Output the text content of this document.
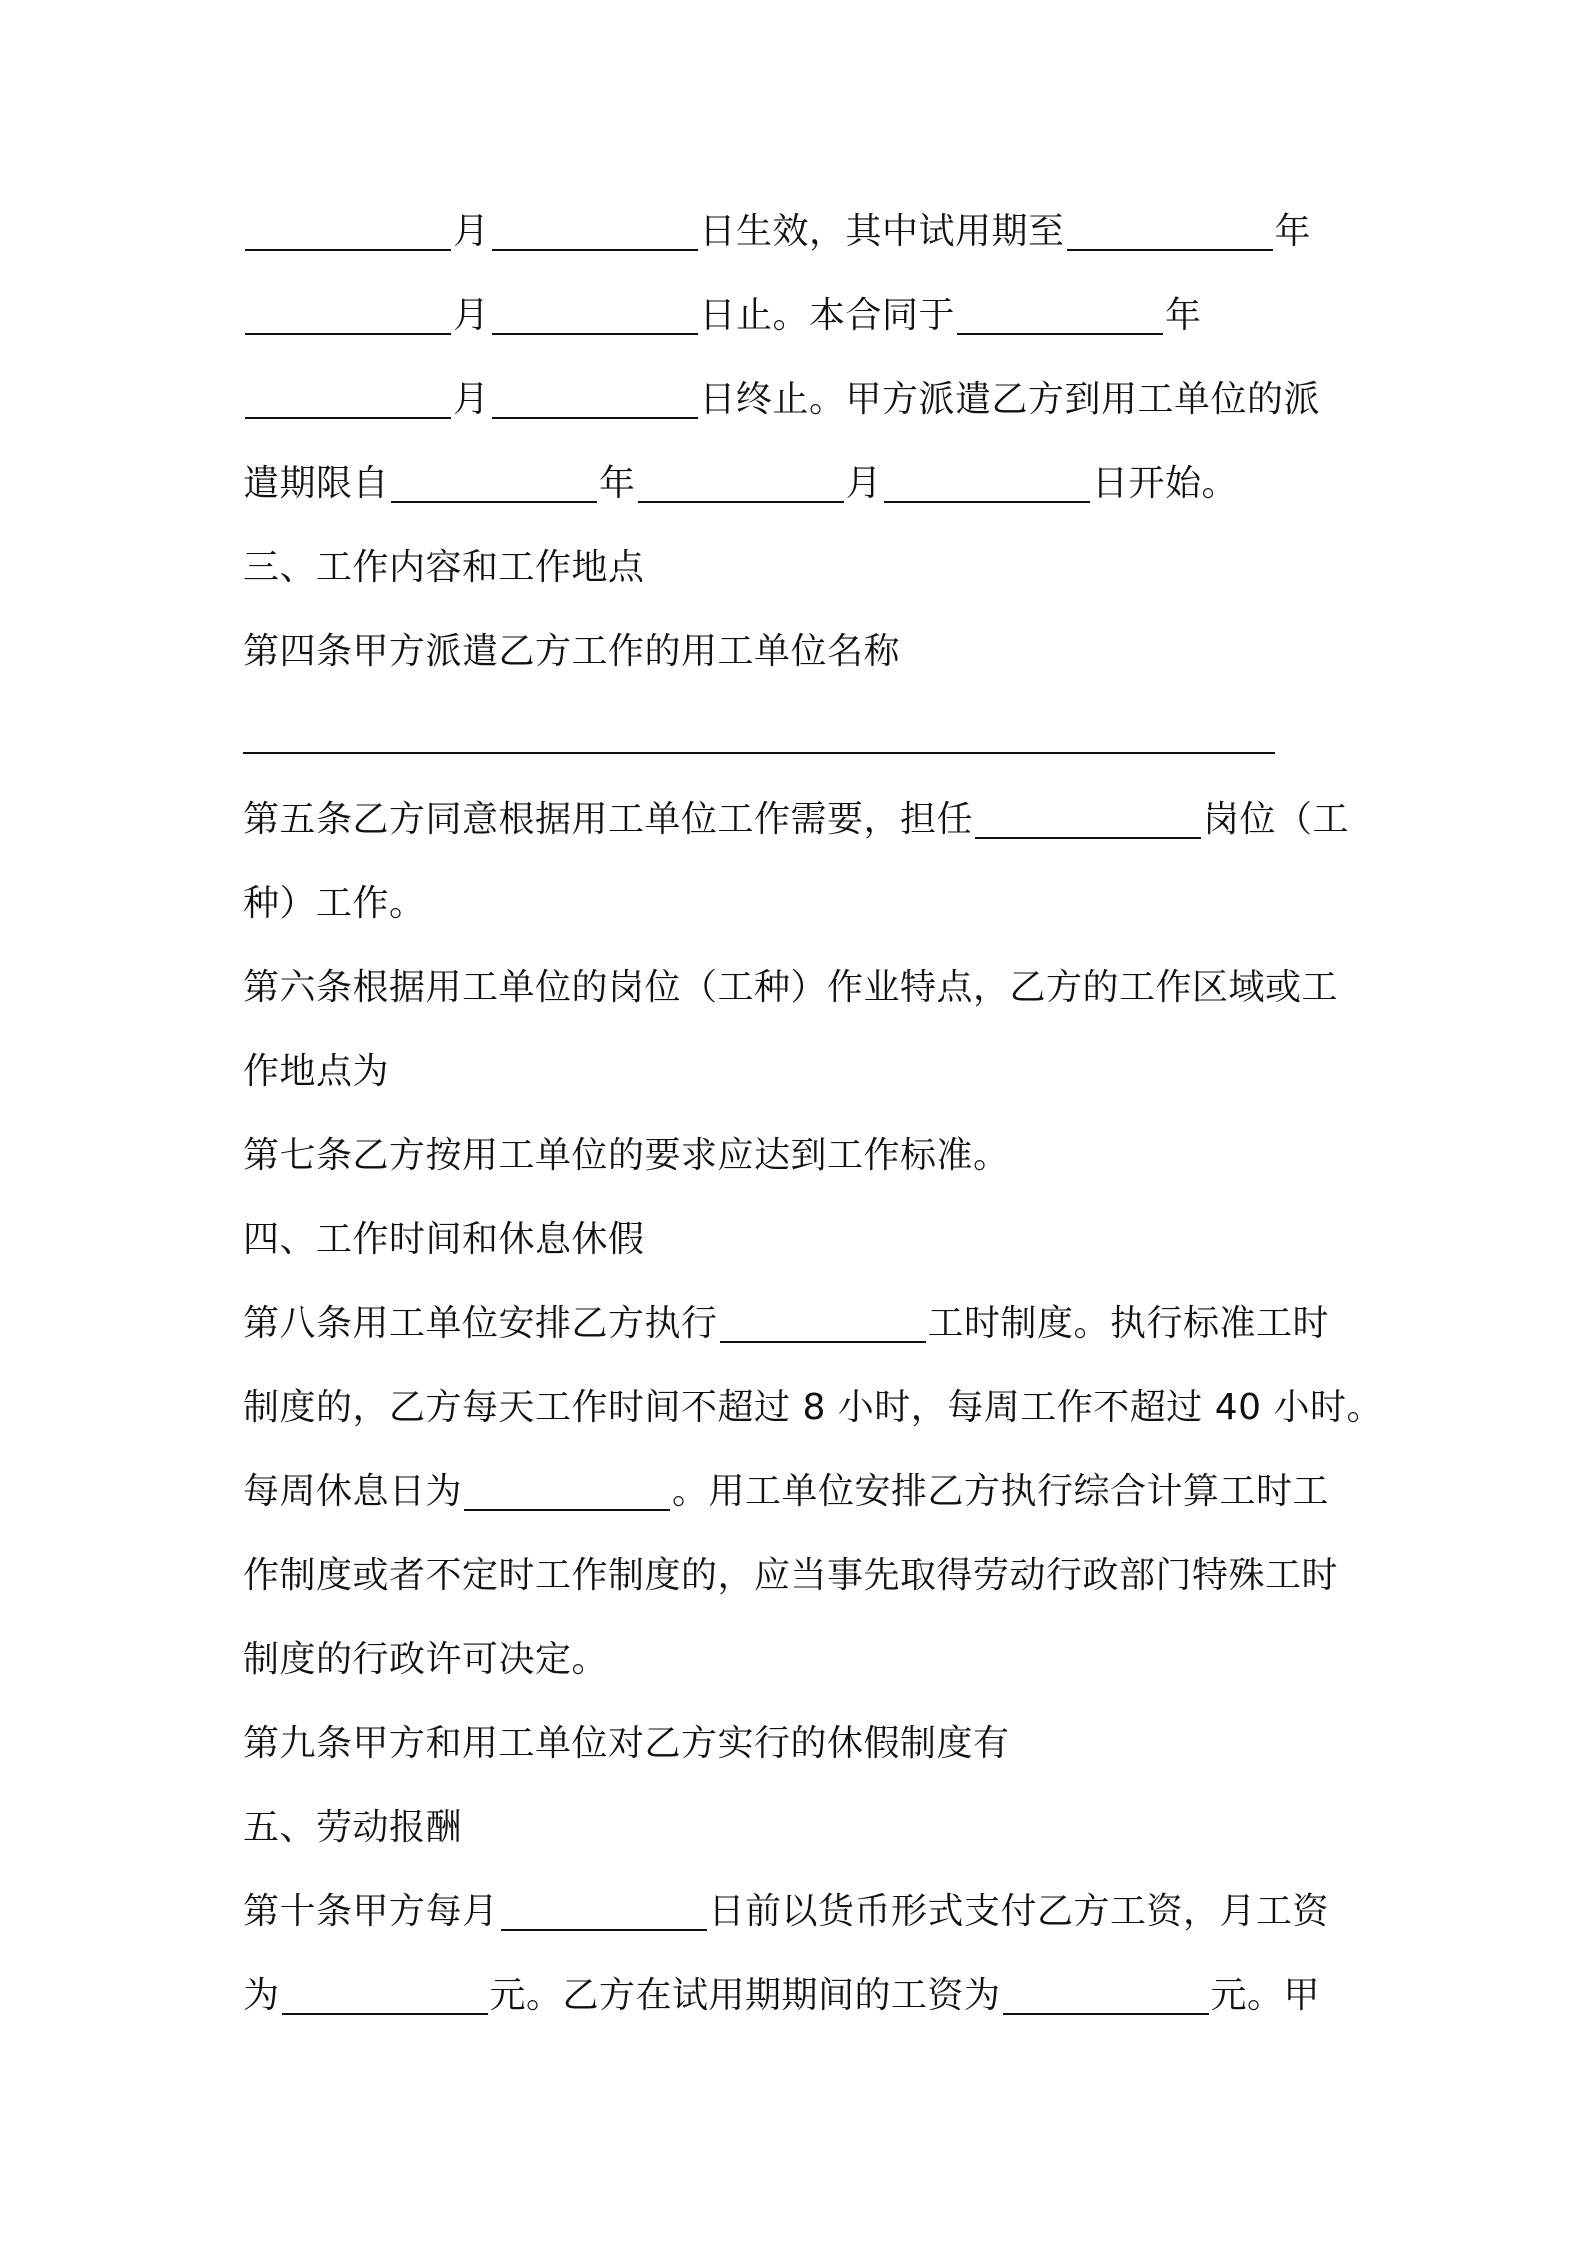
月	日生效，其中试用期至	年
月	日止。本合同于	年
月	日终止。甲方派遣乙方到用工单位的派
遣期限自	年	月	日开始。
三、工作内容和工作地点
第四条甲方派遣乙方工作的用工单位名称
第五条乙方同意根据用工单位工作需要，担任	岗位（工
种）工作。
第六条根据用工单位的岗位（工种）作业特点，乙方的工作区域或工
作地点为
第七条乙方按用工单位的要求应达到工作标准。
四、工作时间和休息休假
第八条用工单位安排乙方执行	工时制度。执行标准工时
制度的，乙方每天工作时间不超过 8 小时，每周工作不超过 40 小时。
每周休息日为	。用工单位安排乙方执行综合计算工时工
作制度或者不定时工作制度的，应当事先取得劳动行政部门特殊工时
制度的行政许可决定。
第九条甲方和用工单位对乙方实行的休假制度有
五、劳动报酬
第十条甲方每月	日前以货币形式支付乙方工资，月工资
为	元。乙方在试用期期间的工资为	元。甲
